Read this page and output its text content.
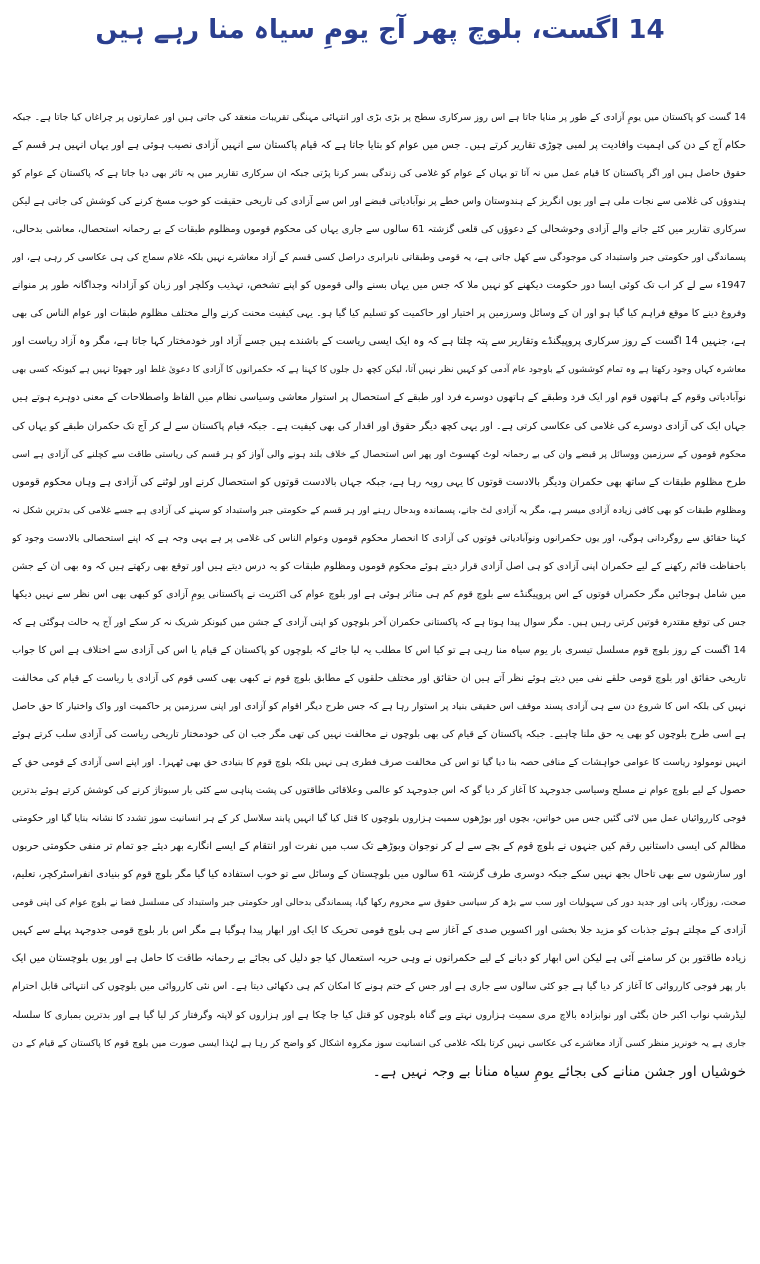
14 اگست، بلوچ پھر آج یومِ سیاہ منا رہے ہیں
14 گست کو پاکستان میں یومِ آزادی کے طور پر منایا جاتا ہے اس روز سرکاری سطح پر بڑی بڑی اور انتہائی مہنگی تقریبات منعقد کی جاتی ہیں اور عمارتوں پر چراغاں کیا جاتا ہے۔ جبکہ
حکام آج کے دن کی اہمیت وافادیت پر لمبی چوڑی تقاریر کرتے ہیں۔ جس میں عوام کو بتایا جاتا ہے کہ قیام پاکستان سے انہیں آزادی نصیب ہوئی ہے اور یہاں انہیں ہر قسم کے
حقوق حاصل ہیں اور اگر پاکستان کا قیام عمل میں نہ آتا تو یہاں کے عوام کو غلامی کی زندگی بسر کرنا پڑتی جبکہ ان سرکاری تقاریر میں یہ تاثر بھی دیا جاتا ہے کہ پاکستان کے عوام کو
ہندوؤں کی غلامی سے نجات ملی ہے اور یوں انگریز کے ہندوستان واس خطے پر نوآبادیاتی قبضے اور اس سے آزادی کی تاریخی حقیقت کو خوب مسخ کرنے کی کوشش کی جاتی ہے لیکن
سرکاری تقاریر میں کئے جانے والے آزادی وخوشحالی کے دعوؤں کی قلعی گزشتہ 61 سالوں سے جاری یہاں کی محکوم قوموں ومظلوم طبقات کے بے رحمانہ استحصال، معاشی بدحالی،
پسماندگی اور حکومتی جبر واستبداد کی موجودگی سے کھل جاتی ہے، یہ قومی وطبقاتی نابرابری دراصل کسی قسم کے آزاد معاشرے نہیں بلکہ غلام سماج کی ہی عکاسی کر رہی ہے، اور
1947ء سے لے کر اب تک کوئی ایسا دور حکومت دیکھنے کو نہیں ملا کہ جس میں یہاں بسنے والی قوموں کو اپنے تشخص، تہذیب وکلچر اور زبان کو آزادانہ وجداگانہ طور پر منوانے
وفروغ دینے کا موقع فراہم کیا گیا ہو اور ان کے وسائل وسرزمین پر اختیار اور حاکمیت کو تسلیم کیا گیا ہو۔ یہی کیفیت محنت کرنے والے مختلف مظلوم طبقات اور عوام الناس کی بھی
ہے، جنہیں 14 اگست کے روز سرکاری پروپیگنڈے وتقاریر سے پتہ چلتا ہے کہ وہ ایک ایسی ریاست کے باشندے ہیں جسے آزاد اور خودمختار کہا جاتا ہے، مگر وہ آزاد ریاست اور
معاشرہ کہاں وجود رکھتا ہے وہ تمام کوششوں کے باوجود عام آدمی کو کہیں نظر نہیں آتا، لیکن کچھ دل جلوں کا کہنا ہے کہ حکمرانوں کا آزادی کا دعویٰ غلط اور جھوٹا نہیں ہے کیونکہ کسی بھی
نوآبادیاتی وقوم کے ہاتھوں قوم اور ایک فرد وطبقے کے ہاتھوں دوسرے فرد اور طبقے کے استحصال پر استوار معاشی وسیاسی نظام میں الفاظ واصطلاحات کے معنی دوہرے ہوتے ہیں
جہاں ایک کی آزادی دوسرے کی غلامی کی عکاسی کرتی ہے۔ اور یہی کچھ دیگر حقوق اور اقدار کی بھی کیفیت ہے۔ جبکہ قیام پاکستان سے لے کر آج تک حکمران طبقے کو یہاں کی
محکوم قوموں کے سرزمین ووسائل پر قبضے وان کی بے رحمانہ لوٹ کھسوٹ اور پھر اس استحصال کے خلاف بلند ہونے والی آواز کو ہر قسم کی ریاستی طاقت سے کچلنے کی آزادی ہے اسی
طرح مظلوم طبقات کے ساتھ بھی حکمران ودیگر بالادست قوتوں کا یہی رویہ رہا ہے، جبکہ جہاں بالادست قوتوں کو استحصال کرنے اور لوٹنے کی آزادی ہے وہاں محکوم قوموں
ومظلوم طبقات کو بھی کافی زیادہ آزادی میسر ہے، مگر یہ آزادی لٹ جانے، پسماندہ وبدحال رہنے اور ہر قسم کے حکومتی جبر واستبداد کو سہنے کی آزادی ہے جسے غلامی کی بدترین شکل نہ
کہنا حقائق سے روگردانی ہوگی، اور یوں حکمرانوں ونوآبادیاتی قوتوں کی آزادی کا انحصار محکوم قوموں وعوام الناس کی غلامی پر ہے یہی وجہ ہے کہ اپنے استحصالی بالادست وجود کو
باحفاظت قائم رکھنے کے لیے حکمران اپنی آزادی کو ہی اصل آزادی قرار دیتے ہوئے محکوم قوموں ومظلوم طبقات کو یہ درس دیتے ہیں اور توقع بھی رکھتے ہیں کہ وہ بھی ان کے جشن
میں شامل ہوجائیں مگر حکمراں قوتوں کے اس پروپیگنڈے سے بلوچ قوم کم ہی متاثر ہوئی ہے اور بلوچ عوام کی اکثریت نے پاکستانی یومِ آزادی کو کبھی بھی اس نظر سے نہیں دیکھا
جس کی توقع مقتدرہ قوتیں کرتی رہیں ہیں۔ مگر سوال پیدا ہوتا ہے کہ پاکستانی حکمران آخر بلوچوں کو اپنی آزادی کے جشن میں کیونکر شریک نہ کر سکے اور آج یہ حالت ہوگئی ہے کہ
14 اگست کے روز بلوچ قوم مسلسل تیسری بار یوم سیاہ منا رہی ہے تو کیا اس کا مطلب یہ لیا جائے کہ بلوچوں کو پاکستان کے قیام یا اس کی آزادی سے اختلاف ہے اس کا جواب
تاریخی حقائق اور بلوچ قومی حلقے نفی میں دیتے ہوئے نظر آتے ہیں ان حقائق اور مختلف حلقوں کے مطابق بلوچ قوم نے کبھی بھی کسی قوم کی آزادی یا ریاست کے قیام کی مخالفت
نہیں کی بلکہ اس کا شروع دن سے ہی آزادی پسند موقف اس حقیقی بنیاد پر استوار رہا ہے کہ جس طرح دیگر اقوام کو آزادی اور اپنی سرزمین پر حاکمیت اور واک واختیار کا حق حاصل
ہے اسی طرح بلوچوں کو بھی یہ حق ملنا چاہیے۔ جبکہ پاکستان کے قیام کی بھی بلوچوں نے مخالفت نہیں کی تھی مگر جب ان کی خودمختار تاریخی ریاست کی آزادی سلب کرتے ہوئے
انہیں نومولود ریاست کا عوامی خواہشات کے منافی حصہ بنا دیا گیا تو اس کی مخالفت صرف فطری ہی نہیں بلکہ بلوچ قوم کا بنیادی حق بھی ٹھہرا۔ اور اپنے اسی آزادی کے قومی حق کے
حصول کے لیے بلوچ عوام نے مسلح وسیاسی جدوجہد کا آغاز کر دیا گو کہ اس جدوجہد کو عالمی وعلاقائی طاقتوں کی پشت پناہی سے کئی بار سبوتاژ کرنے کی کوشش کرتے ہوئے بدترین
فوجی کارروائیاں عمل میں لائی گئیں جس میں خواتین، بچوں اور بوڑھوں سمیت ہزاروں بلوچوں کا قتل کیا گیا انہیں پابند سلاسل کر کے ہر انسانیت سوز تشدد کا نشانہ بنایا گیا اور حکومتی
مظالم کی ایسی داستانیں رقم کیں جنہوں نے بلوچ قوم کے بچے سے لے کر نوجوان وبوڑھے تک سب میں نفرت اور انتقام کے ایسے انگارے بھر دیئے جو تمام تر منفی حکومتی حربوں
اور سازشوں سے بھی تاحال بجھ نہیں سکے جبکہ دوسری طرف گزشتہ 61 سالوں میں بلوچستان کے وسائل سے تو خوب استفادہ کیا گیا مگر بلوچ قوم کو بنیادی انفراسٹرکچر، تعلیم،
صحت، روزگار، پانی اور جدید دور کی سہولیات اور سب سے بڑھ کر سیاسی حقوق سے محروم رکھا گیا، پسماندگی بدحالی اور حکومتی جبر واستبداد کی مسلسل فضا نے بلوچ عوام کی اپنی قومی
آزادی کے مچلتے ہوئے جذبات کو مزید جلا بخشی اور اکسویں صدی کے آغاز سے ہی بلوچ قومی تحریک کا ایک اور ابھار پیدا ہوگیا ہے مگر اس بار بلوچ قومی جدوجہد پہلے سے کہیں
زیادہ طاقتور بن کر سامنے آئی ہے لیکن اس ابھار کو دبانے کے لیے حکمرانوں نے وہی حربہ استعمال کیا جو دلیل کی بجائے بے رحمانہ طاقت کا حامل ہے اور یوں بلوچستان میں ایک
بار پھر فوجی کارروائی کا آغاز کر دیا گیا ہے جو کئی سالوں سے جاری ہے اور جس کے ختم ہونے کا امکان کم ہی دکھائی دیتا ہے۔ اس نئی کارروائی میں بلوچوں کی انتہائی قابل احترام
لیڈرشپ نواب اکبر خان بگٹی اور نوابزادہ بالاچ مری سمیت ہزاروں نہتے وبے گناہ بلوچوں کو قتل کیا جا چکا ہے اور ہزاروں کو لاپتہ وگرفتار کر لیا گیا ہے اور بدترین بمباری کا سلسلہ
جاری ہے یہ خونریز منظر کسی آزاد معاشرے کی عکاسی نہیں کرتا بلکہ غلامی کی انسانیت سوز مکروہ اشکال کو واضح کر رہا ہے لہٰذا ایسی صورت میں بلوچ قوم کا پاکستان کے قیام کے دن
خوشیاں اور جشن منانے کی بجائے یومِ سیاہ منانا بے وجہ نہیں ہے۔
